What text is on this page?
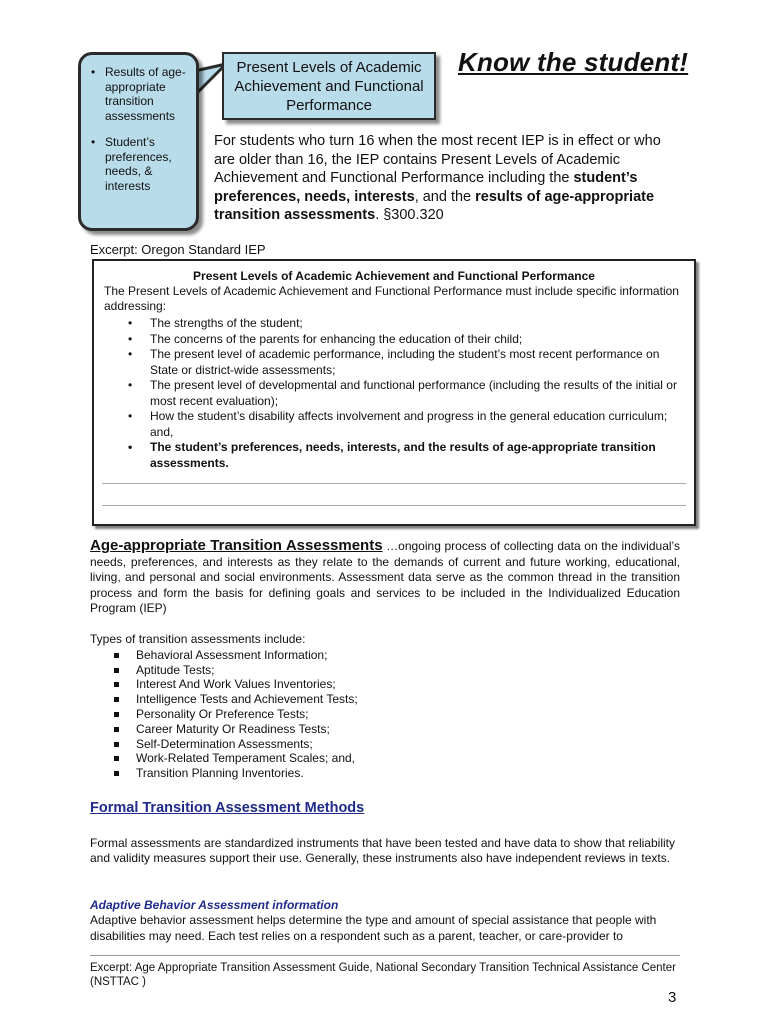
• Results of age-appropriate transition assessments
• Student’s preferences, needs, & interests
Present Levels of Academic Achievement and Functional Performance
Know the student!
For students who turn 16 when the most recent IEP is in effect or who are older than 16, the IEP contains Present Levels of Academic Achievement and Functional Performance including the student’s preferences, needs, interests, and the results of age-appropriate transition assessments. §300.320
Excerpt: Oregon Standard IEP
Present Levels of Academic Achievement and Functional Performance
The Present Levels of Academic Achievement and Functional Performance must include specific information addressing:
• The strengths of the student;
• The concerns of the parents for enhancing the education of their child;
• The present level of academic performance, including the student’s most recent performance on State or district-wide assessments;
• The present level of developmental and functional performance (including the results of the initial or most recent evaluation);
• How the student’s disability affects involvement and progress in the general education curriculum; and,
• The student’s preferences, needs, interests, and the results of age-appropriate transition assessments.
Age-appropriate Transition Assessments …ongoing process of collecting data on the individual’s needs, preferences, and interests as they relate to the demands of current and future working, educational, living, and personal and social environments. Assessment data serve as the common thread in the transition process and form the basis for defining goals and services to be included in the Individualized Education Program (IEP)
Types of transition assessments include:
Behavioral Assessment Information;
Aptitude Tests;
Interest And Work Values Inventories;
Intelligence Tests and Achievement Tests;
Personality Or Preference Tests;
Career Maturity Or Readiness Tests;
Self-Determination Assessments;
Work-Related Temperament Scales; and,
Transition Planning Inventories.
Formal Transition Assessment Methods
Formal assessments are standardized instruments that have been tested and have data to show that reliability and validity measures support their use. Generally, these instruments also have independent reviews in texts.
Adaptive Behavior Assessment information
Adaptive behavior assessment helps determine the type and amount of special assistance that people with disabilities may need. Each test relies on a respondent such as a parent, teacher, or care-provider to
Excerpt: Age Appropriate Transition Assessment Guide, National Secondary Transition Technical Assistance Center (NSTTAC )
3
